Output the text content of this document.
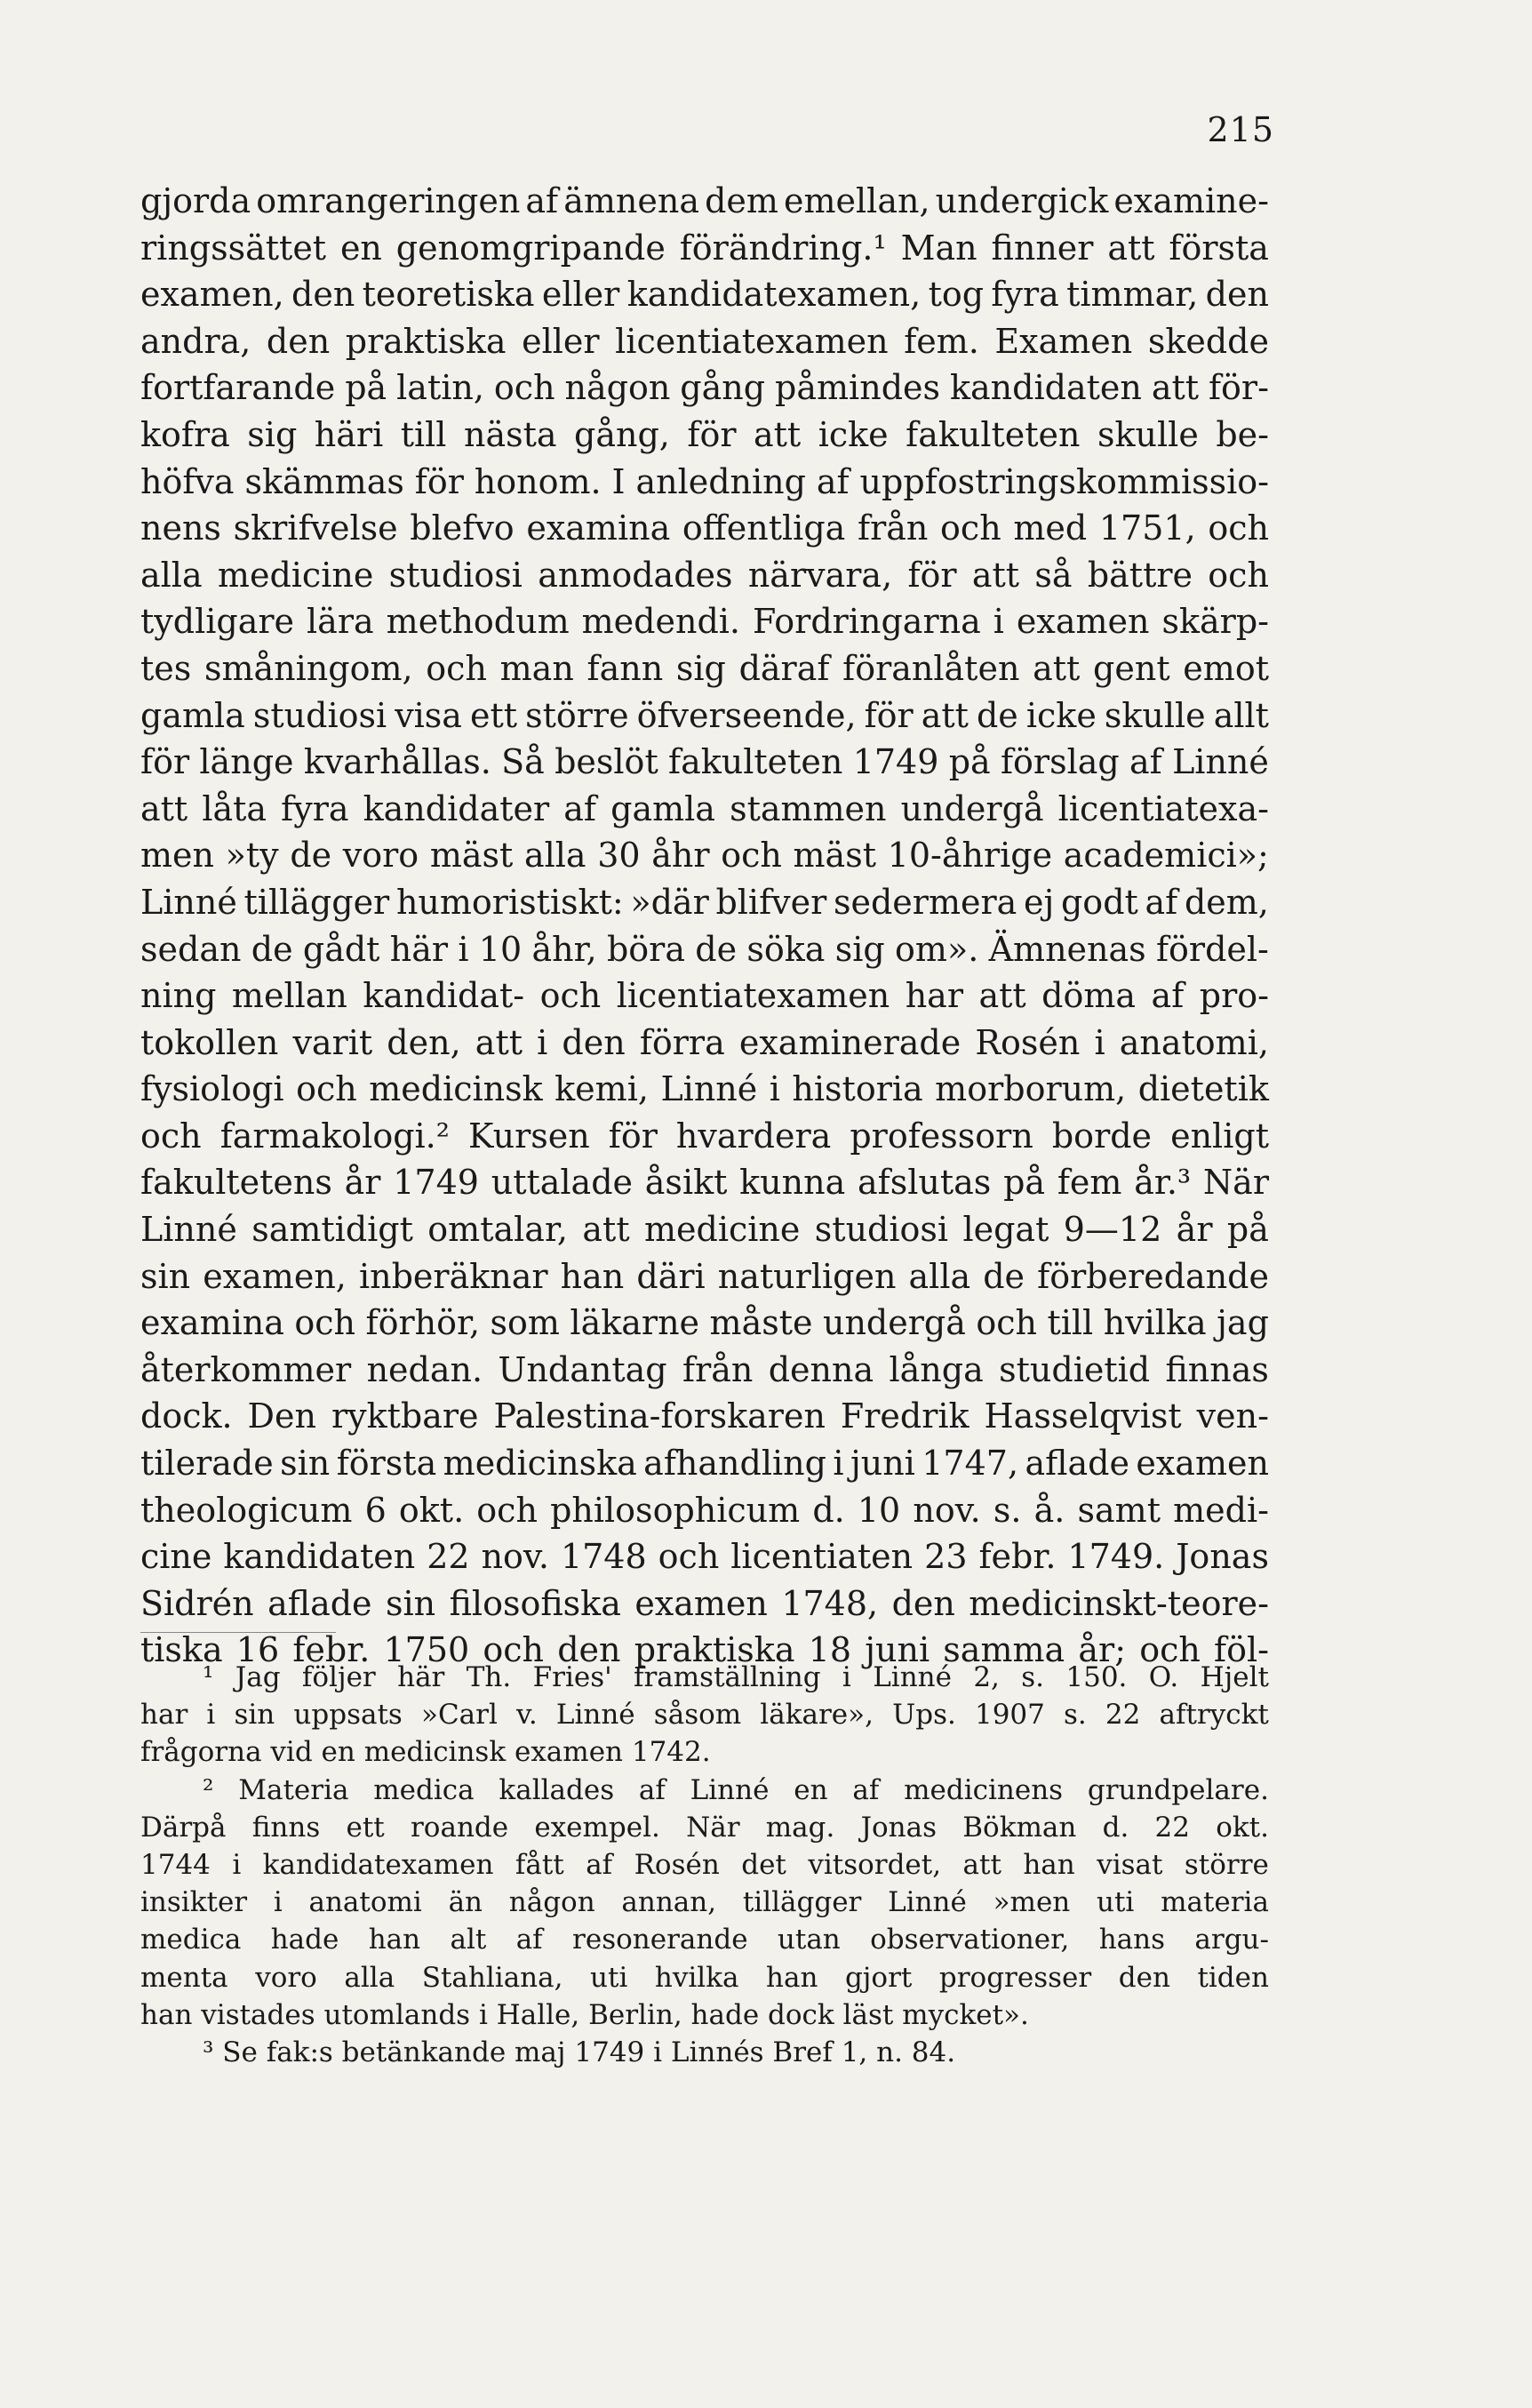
215
gjorda omrangeringen af ämnena dem emellan, undergick examine-
ringssättet en genomgripande förändring.¹ Man finner att första
examen, den teoretiska eller kandidatexamen, tog fyra timmar, den
andra, den praktiska eller licentiatexamen fem. Examen skedde
fortfarande på latin, och någon gång påmindes kandidaten att för-
kofra sig häri till nästa gång, för att icke fakulteten skulle be-
höfva skämmas för honom. I anledning af uppfostringskommissio-
nens skrifvelse blefvo examina offentliga från och med 1751, och
alla medicine studiosi anmodades närvara, för att så bättre och
tydligare lära methodum medendi. Fordringarna i examen skärp-
tes småningom, och man fann sig däraf föranlåten att gent emot
gamla studiosi visa ett större öfverseende, för att de icke skulle allt
för länge kvarhållas. Så beslöt fakulteten 1749 på förslag af Linné
att låta fyra kandidater af gamla stammen undergå licentiatexa-
men »ty de voro mäst alla 30 åhr och mäst 10-åhrige academici»;
Linné tillägger humoristiskt: »där blifver sedermera ej godt af dem,
sedan de gådt här i 10 åhr, böra de söka sig om». Ämnenas fördel-
ning mellan kandidat- och licentiatexamen har att döma af pro-
tokollen varit den, att i den förra examinerade Rosén i anatomi,
fysiologi och medicinsk kemi, Linné i historia morborum, dietetik
och farmakologi.² Kursen för hvardera professorn borde enligt
fakultetens år 1749 uttalade åsikt kunna afslutas på fem år.³ När
Linné samtidigt omtalar, att medicine studiosi legat 9—12 år på
sin examen, inberäknar han däri naturligen alla de förberedande
examina och förhör, som läkarne måste undergå och till hvilka jag
återkommer nedan. Undantag från denna långa studietid finnas
dock. Den ryktbare Palestina-forskaren Fredrik Hasselqvist ven-
tilerade sin första medicinska afhandling i juni 1747, aflade examen
theologicum 6 okt. och philosophicum d. 10 nov. s. å. samt medi-
cine kandidaten 22 nov. 1748 och licentiaten 23 febr. 1749. Jonas
Sidrén aflade sin filosofiska examen 1748, den medicinskt-teore-
tiska 16 febr. 1750 och den praktiska 18 juni samma år; och föl-
¹ Jag följer här Th. Fries' framställning i Linné 2, s. 150. O. Hjelt
har i sin uppsats »Carl v. Linné såsom läkare», Ups. 1907 s. 22 aftryckt
frågorna vid en medicinsk examen 1742.
² Materia medica kallades af Linné en af medicinens grundpelare.
Därpå finns ett roande exempel. När mag. Jonas Bökman d. 22 okt.
1744 i kandidatexamen fått af Rosén det vitsordet, att han visat större
insikter i anatomi än någon annan, tillägger Linné »men uti materia
medica hade han alt af resonerande utan observationer, hans argu-
menta voro alla Stahliana, uti hvilka han gjort progresser den tiden
han vistades utomlands i Halle, Berlin, hade dock läst mycket».
³ Se fak:s betänkande maj 1749 i Linnés Bref 1, n. 84.
